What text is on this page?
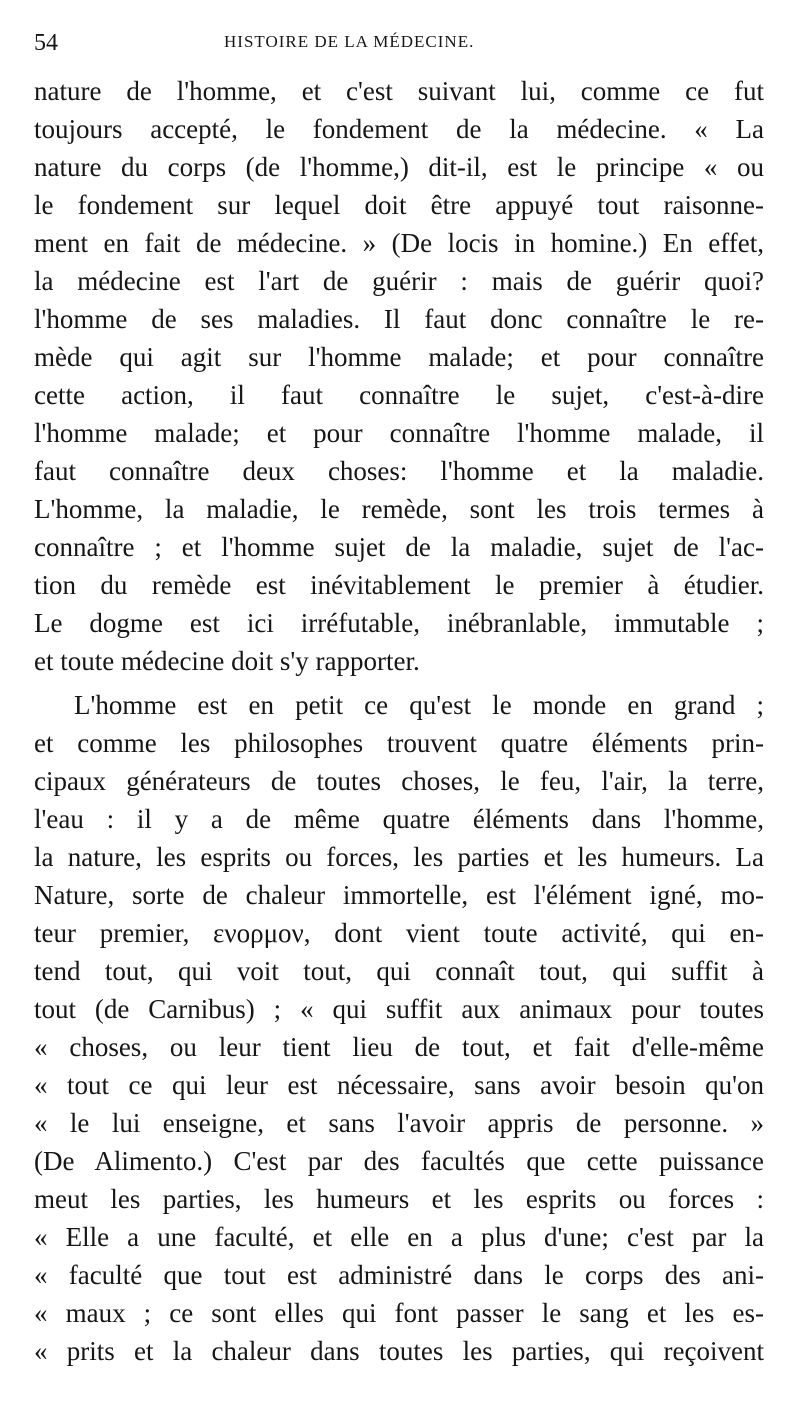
54	HISTOIRE DE LA MÉDECINE.
nature de l'homme, et c'est suivant lui, comme ce fut
toujours accepté, le fondement de la médecine. « La
nature du corps (de l'homme,) dit-il, est le principe « ou
le fondement sur lequel doit être appuyé tout raisonne-
ment en fait de médecine. » (De locis in homine.) En effet,
la médecine est l'art de guérir : mais de guérir quoi?
l'homme de ses maladies. Il faut donc connaître le re-
mède qui agit sur l'homme malade; et pour connaître
cette action, il faut connaître le sujet, c'est-à-dire
l'homme malade; et pour connaître l'homme malade, il
faut connaître deux choses: l'homme et la maladie.
L'homme, la maladie, le remède, sont les trois termes à
connaître ; et l'homme sujet de la maladie, sujet de l'ac-
tion du remède est inévitablement le premier à étudier.
Le dogme est ici irréfutable, inébranlable, immutable ;
et toute médecine doit s'y rapporter.
L'homme est en petit ce qu'est le monde en grand ;
et comme les philosophes trouvent quatre éléments prin-
cipaux générateurs de toutes choses, le feu, l'air, la terre,
l'eau : il y a de même quatre éléments dans l'homme,
la nature, les esprits ou forces, les parties et les humeurs. La
Nature, sorte de chaleur immortelle, est l'élément igné, mo-
teur premier, ενορμον, dont vient toute activité, qui en-
tend tout, qui voit tout, qui connaît tout, qui suffit à
tout (de Carnibus) ; « qui suffit aux animaux pour toutes
« choses, ou leur tient lieu de tout, et fait d'elle-même
« tout ce qui leur est nécessaire, sans avoir besoin qu'on
« le lui enseigne, et sans l'avoir appris de personne. »
(De Alimento.) C'est par des facultés que cette puissance
meut les parties, les humeurs et les esprits ou forces :
« Elle a une faculté, et elle en a plus d'une; c'est par la
« faculté que tout est administré dans le corps des ani-
« maux ; ce sont elles qui font passer le sang et les es-
« prits et la chaleur dans toutes les parties, qui reçoivent
